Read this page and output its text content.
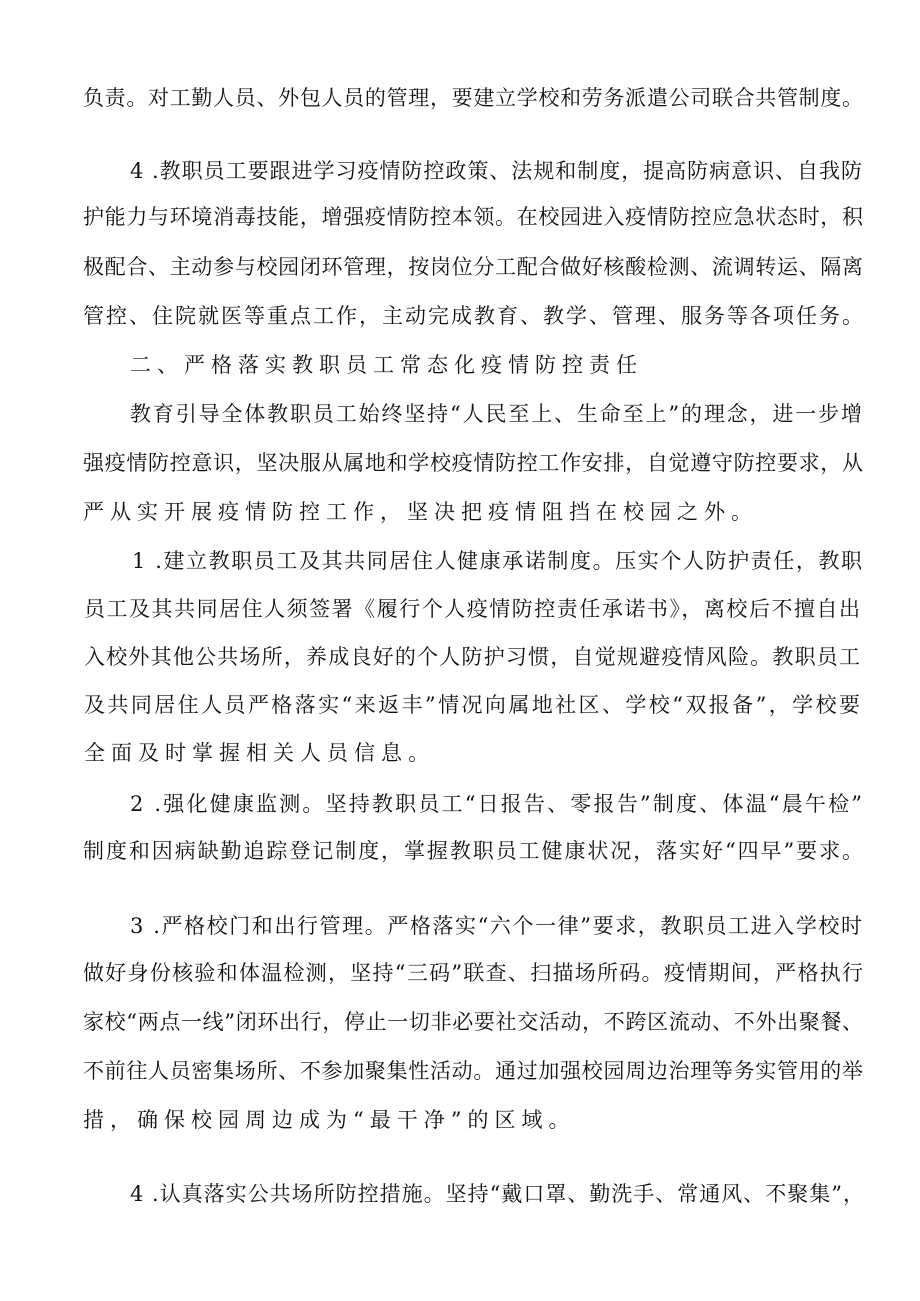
负责。对工勤人员、外包人员的管理，要建立学校和劳务派遣公司联合共管制度。
4 .教职员工要跟进学习疫情防控政策、法规和制度，提高防病意识、自我防
护能力与环境消毒技能，增强疫情防控本领。在校园进入疫情防控应急状态时，积
极配合、主动参与校园闭环管理，按岗位分工配合做好核酸检测、流调转运、隔离
管控、住院就医等重点工作，主动完成教育、教学、管理、服务等各项任务。
二、严格落实教职员工常态化疫情防控责任
教育引导全体教职员工始终坚持“人民至上、生命至上”的理念，进一步增
强疫情防控意识，坚决服从属地和学校疫情防控工作安排，自觉遵守防控要求，从
严从实开展疫情防控工作，坚决把疫情阻挡在校园之外。
1 .建立教职员工及其共同居住人健康承诺制度。压实个人防护责任，教职
员工及其共同居住人须签署《履行个人疫情防控责任承诺书》，离校后不擅自出
入校外其他公共场所，养成良好的个人防护习惯，自觉规避疫情风险。教职员工
及共同居住人员严格落实“来返丰”情况向属地社区、学校“双报备”，学校要
全面及时掌握相关人员信息。
2 .强化健康监测。坚持教职员工“日报告、零报告”制度、体温“晨午检”
制度和因病缺勤追踪登记制度，掌握教职员工健康状况，落实好“四早”要求。
3 .严格校门和出行管理。严格落实“六个一律”要求，教职员工进入学校时
做好身份核验和体温检测，坚持“三码”联查、扫描场所码。疫情期间，严格执行
家校“两点一线”闭环出行，停止一切非必要社交活动，不跨区流动、不外出聚餐、
不前往人员密集场所、不参加聚集性活动。通过加强校园周边治理等务实管用的举
措，确保校园周边成为“最干净”的区域。
4 .认真落实公共场所防控措施。坚持“戴口罩、勤洗手、常通风、不聚集”，
